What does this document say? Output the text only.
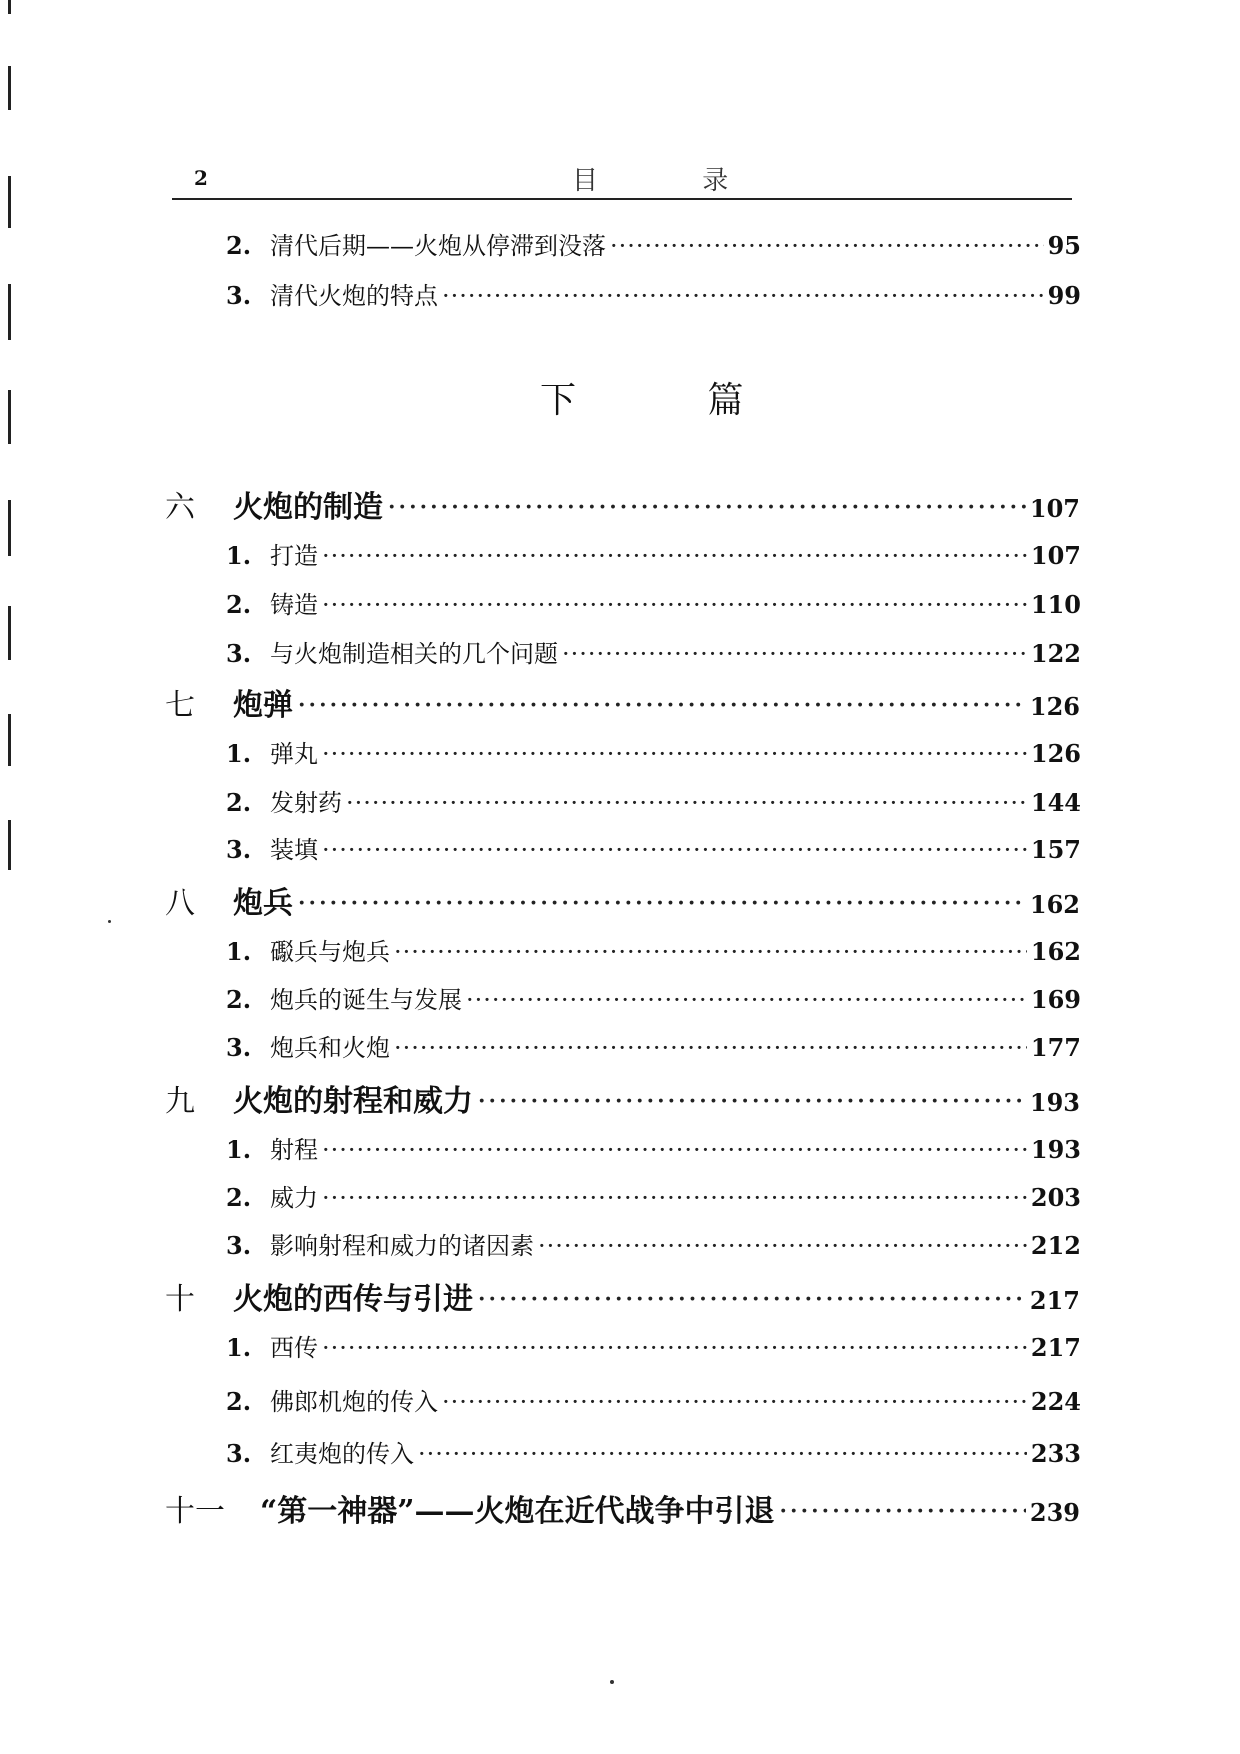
2	目 录
2. 清代后期——火炮从停滞到没落 ·····	95
3. 清代火炮的特点 ·····	99
下 篇
六	火炮的制造 ·····	107
1. 打造 ·····	107
2. 铸造 ·····	110
3. 与火炮制造相关的几个问题 ·····	122
七	炮弹 ·····	126
1. 弹丸 ·····	126
2. 发射药 ·····	144
3. 装填 ·····	157
八	炮兵 ·····	162
1. 礟兵与炮兵 ·····	162
2. 炮兵的诞生与发展 ·····	169
3. 炮兵和火炮 ·····	177
九	火炮的射程和威力 ·····	193
1. 射程 ·····	193
2. 威力 ·····	203
3. 影响射程和威力的诸因素 ·····	212
十	火炮的西传与引进 ·····	217
1. 西传 ·····	217
2. 佛郎机炮的传入 ·····	224
3. 红夷炮的传入 ·····	233
十一	“第一神器”——火炮在近代战争中引退 ·····	239
